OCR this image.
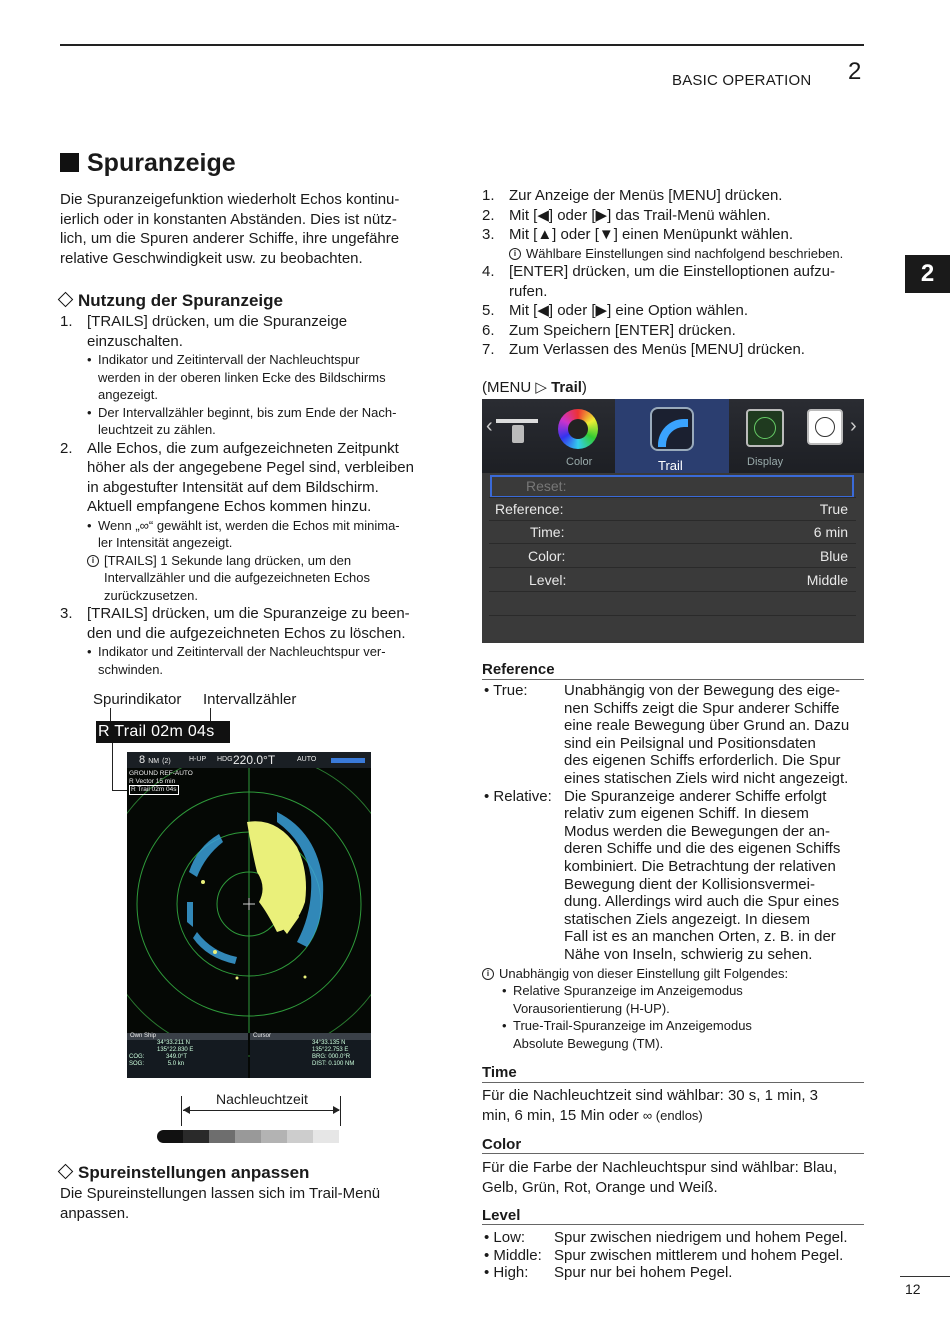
BASIC OPERATION 2
2
Spuranzeige
Die Spuranzeigefunktion wiederholt Echos kontinu-
ierlich oder in konstanten Abständen. Dies ist nütz-
lich, um die Spuren anderer Schiffe, ihre ungefähre
relative Geschwindigkeit usw. zu beobachten.
Nutzung der Spuranzeige
1. [TRAILS] drücken, um die Spuranzeige
einzuschalten.
• Indikator und Zeitintervall der Nachleuchtspur
werden in der oberen linken Ecke des Bildschirms
angezeigt.
• Der Intervallzähler beginnt, bis zum Ende der Nach-
leuchtzeit zu zählen.
2. Alle Echos, die zum aufgezeichneten Zeitpunkt
höher als der angegebene Pegel sind, verbleiben
in abgestufter Intensität auf dem Bildschirm.
Aktuell empfangene Echos kommen hinzu.
• Wenn „∞“ gewählt ist, werden die Echos mit minima-
ler Intensität angezeigt.
i [TRAILS] 1 Sekunde lang drücken, um den
Intervallzähler und die aufgezeichneten Echos
zurückzusetzen.
3. [TRAILS] drücken, um die Spuranzeige zu been-
den und die aufgezeichneten Echos zu löschen.
• Indikator und Zeitintervall der Nachleuchtspur ver-
schwinden.
Spurindikator Intervallzähler
R Trail 02m 04s
8 NM (2)	H-UP HDG 220.0°T	AUTO
GROUND REF-AUTO
R Vector 15 min
R Trail 02m 04s
Own Ship
34°33.211 N
135°22.830 E
COG:	349.0°T
SOG:	5.0 kn
Cursor
34°33.135 N
135°22.753 E
BRG: 000.0°R
DIST: 0.100 NM
Nachleuchtzeit
Spureinstellungen anpassen
Die Spureinstellungen lassen sich im Trail-Menü
anpassen.
1. Zur Anzeige der Menüs [MENU] drücken.
2. Mit [◀] oder [▶] das Trail-Menü wählen.
3. Mit [▲] oder [▼] einen Menüpunkt wählen.
i Wählbare Einstellungen sind nachfolgend beschrieben.
4. [ENTER] drücken, um die Einstelloptionen aufzu-
rufen.
5. Mit [◀] oder [▶] eine Option wählen.
6. Zum Speichern [ENTER] drücken.
7. Zum Verlassen des Menüs [MENU] drücken.
(MENU ▷ Trail)
‹	›
Color	Trail	Display
Reset:
Reference:	True
Time:	6 min
Color:	Blue
Level:	Middle
Reference
• True: Unabhängig von der Bewegung des eige-
nen Schiffs zeigt die Spur anderer Schiffe
eine reale Bewegung über Grund an. Dazu
sind ein Peilsignal und Positionsdaten
des eigenen Schiffs erforderlich. Die Spur
eines statischen Ziels wird nicht angezeigt.
• Relative: Die Spuranzeige anderer Schiffe erfolgt
relativ zum eigenen Schiff. In diesem
Modus werden die Bewegungen der an-
deren Schiffe und die des eigenen Schiffs
kombiniert. Die Betrachtung der relativen
Bewegung dient der Kollisionsvermei-
dung. Allerdings wird auch die Spur eines
statischen Ziels angezeigt. In diesem
Fall ist es an manchen Orten, z. B. in der
Nähe von Inseln, schwierig zu sehen.
i Unabhängig von dieser Einstellung gilt Folgendes:
• Relative Spuranzeige im Anzeigemodus
Vorausorientierung (H-UP).
• True-Trail-Spuranzeige im Anzeigemodus
Absolute Bewegung (TM).
Time
Für die Nachleuchtzeit sind wählbar: 30 s, 1 min, 3
min, 6 min, 15 Min oder ∞ (endlos)
Color
Für die Farbe der Nachleuchtspur sind wählbar: Blau,
Gelb, Grün, Rot, Orange und Weiß.
Level
• Low: Spur zwischen niedrigem und hohem Pegel.
• Middle: Spur zwischen mittlerem und hohem Pegel.
• High: Spur nur bei hohem Pegel.
12
